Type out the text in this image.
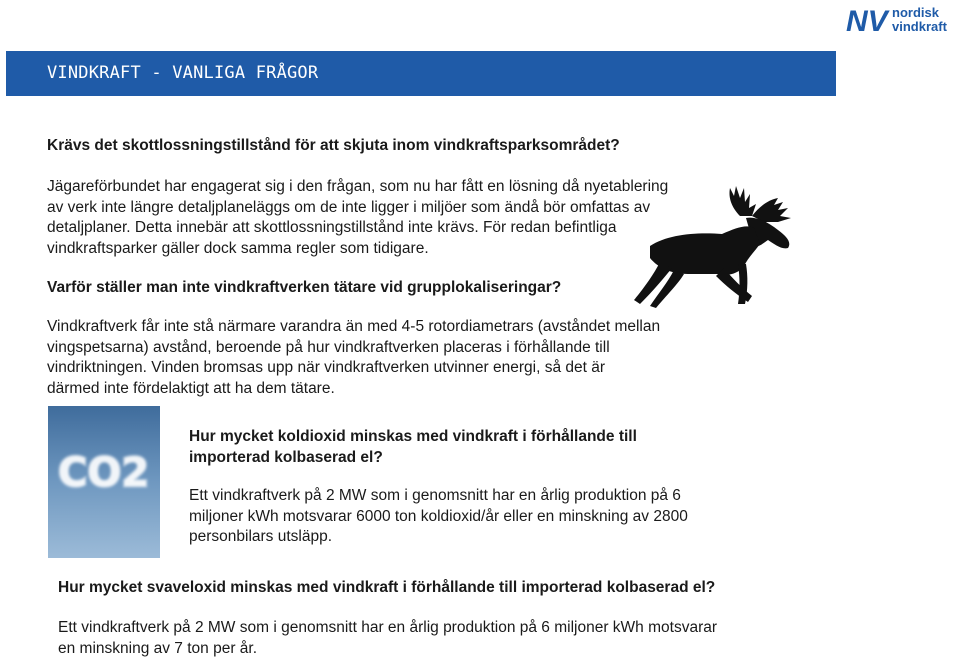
NV nordisk
vindkraft
VINDKRAFT - VANLIGA FRÅGOR
Krävs det skottlossningstillstånd för att skjuta inom vindkraftsparksområdet?
Jägareförbundet har engagerat sig i den frågan, som nu har fått en lösning då nyetablering
av verk inte längre detaljplaneläggs om de inte ligger i miljöer som ändå bör omfattas av
detaljplaner. Detta innebär att skottlossningstillstånd inte krävs. För redan befintliga
vindkraftsparker gäller dock samma regler som tidigare.
Varför ställer man inte vindkraftverken tätare vid grupplokaliseringar?
Vindkraftverk får inte stå närmare varandra än med 4-5 rotordiametrars (avståndet mellan
vingspetsarna) avstånd, beroende på hur vindkraftverken placeras i förhållande till
vindriktningen. Vinden bromsas upp när vindkraftverken utvinner energi, så det är
därmed inte fördelaktigt att ha dem tätare.
CO2
Hur mycket koldioxid minskas med vindkraft i förhållande till
importerad kolbaserad el?
Ett vindkraftverk på 2 MW som i genomsnitt har en årlig produktion på 6
miljoner kWh motsvarar 6000 ton koldioxid/år eller en minskning av 2800
personbilars utsläpp.
Hur mycket svaveloxid minskas med vindkraft i förhållande till importerad kolbaserad el?
Ett vindkraftverk på 2 MW som i genomsnitt har en årlig produktion på 6 miljoner kWh motsvarar
en minskning av 7 ton per år.
